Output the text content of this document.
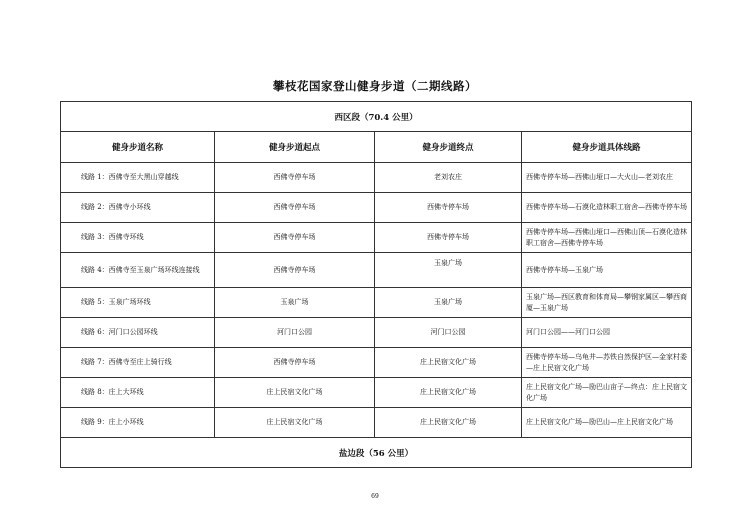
攀枝花国家登山健身步道（二期线路）
西区段（70.4 公里）			
健身步道名称	健身步道起点	健身步道终点	健身步道具体线路
线路 1：西佛寺至大黑山穿越线	西佛寺停车场	老刘农庄	西佛寺停车场—西佛山垭口—大火山—老刘农庄
线路 2：西佛寺小环线	西佛寺停车场	西佛寺停车场	西佛寺停车场—石漠化造林职工宿舍—西佛寺停车场
线路 3：西佛寺环线	西佛寺停车场	西佛寺停车场	西佛寺停车场—西佛山垭口—西佛山顶—石漠化造林职工宿舍—西佛寺停车场
线路 4：西佛寺至玉泉广场环线连接线	西佛寺停车场	玉泉广场	西佛寺停车场—玉泉广场
线路 5：玉泉广场环线	玉泉广场	玉泉广场	玉泉广场—西区教育和体育局—攀钢家属区—攀西商厦—玉泉广场
线路 6：河门口公园环线	河门口公园	河门口公园	河门口公园——河门口公园
线路 7：西佛寺至庄上骑行线	西佛寺停车场	庄上民宿文化广场	西佛寺停车场—乌龟井—苏铁自然保护区—金家村委—庄上民宿文化广场
线路 8：庄上大环线	庄上民宿文化广场	庄上民宿文化广场	庄上民宿文化广场—励巴山亩子—终点：庄上民宿文化广场
线路 9：庄上小环线	庄上民宿文化广场	庄上民宿文化广场	庄上民宿文化广场—励巴山—庄上民宿文化广场
盐边段（56 公里）			
69
